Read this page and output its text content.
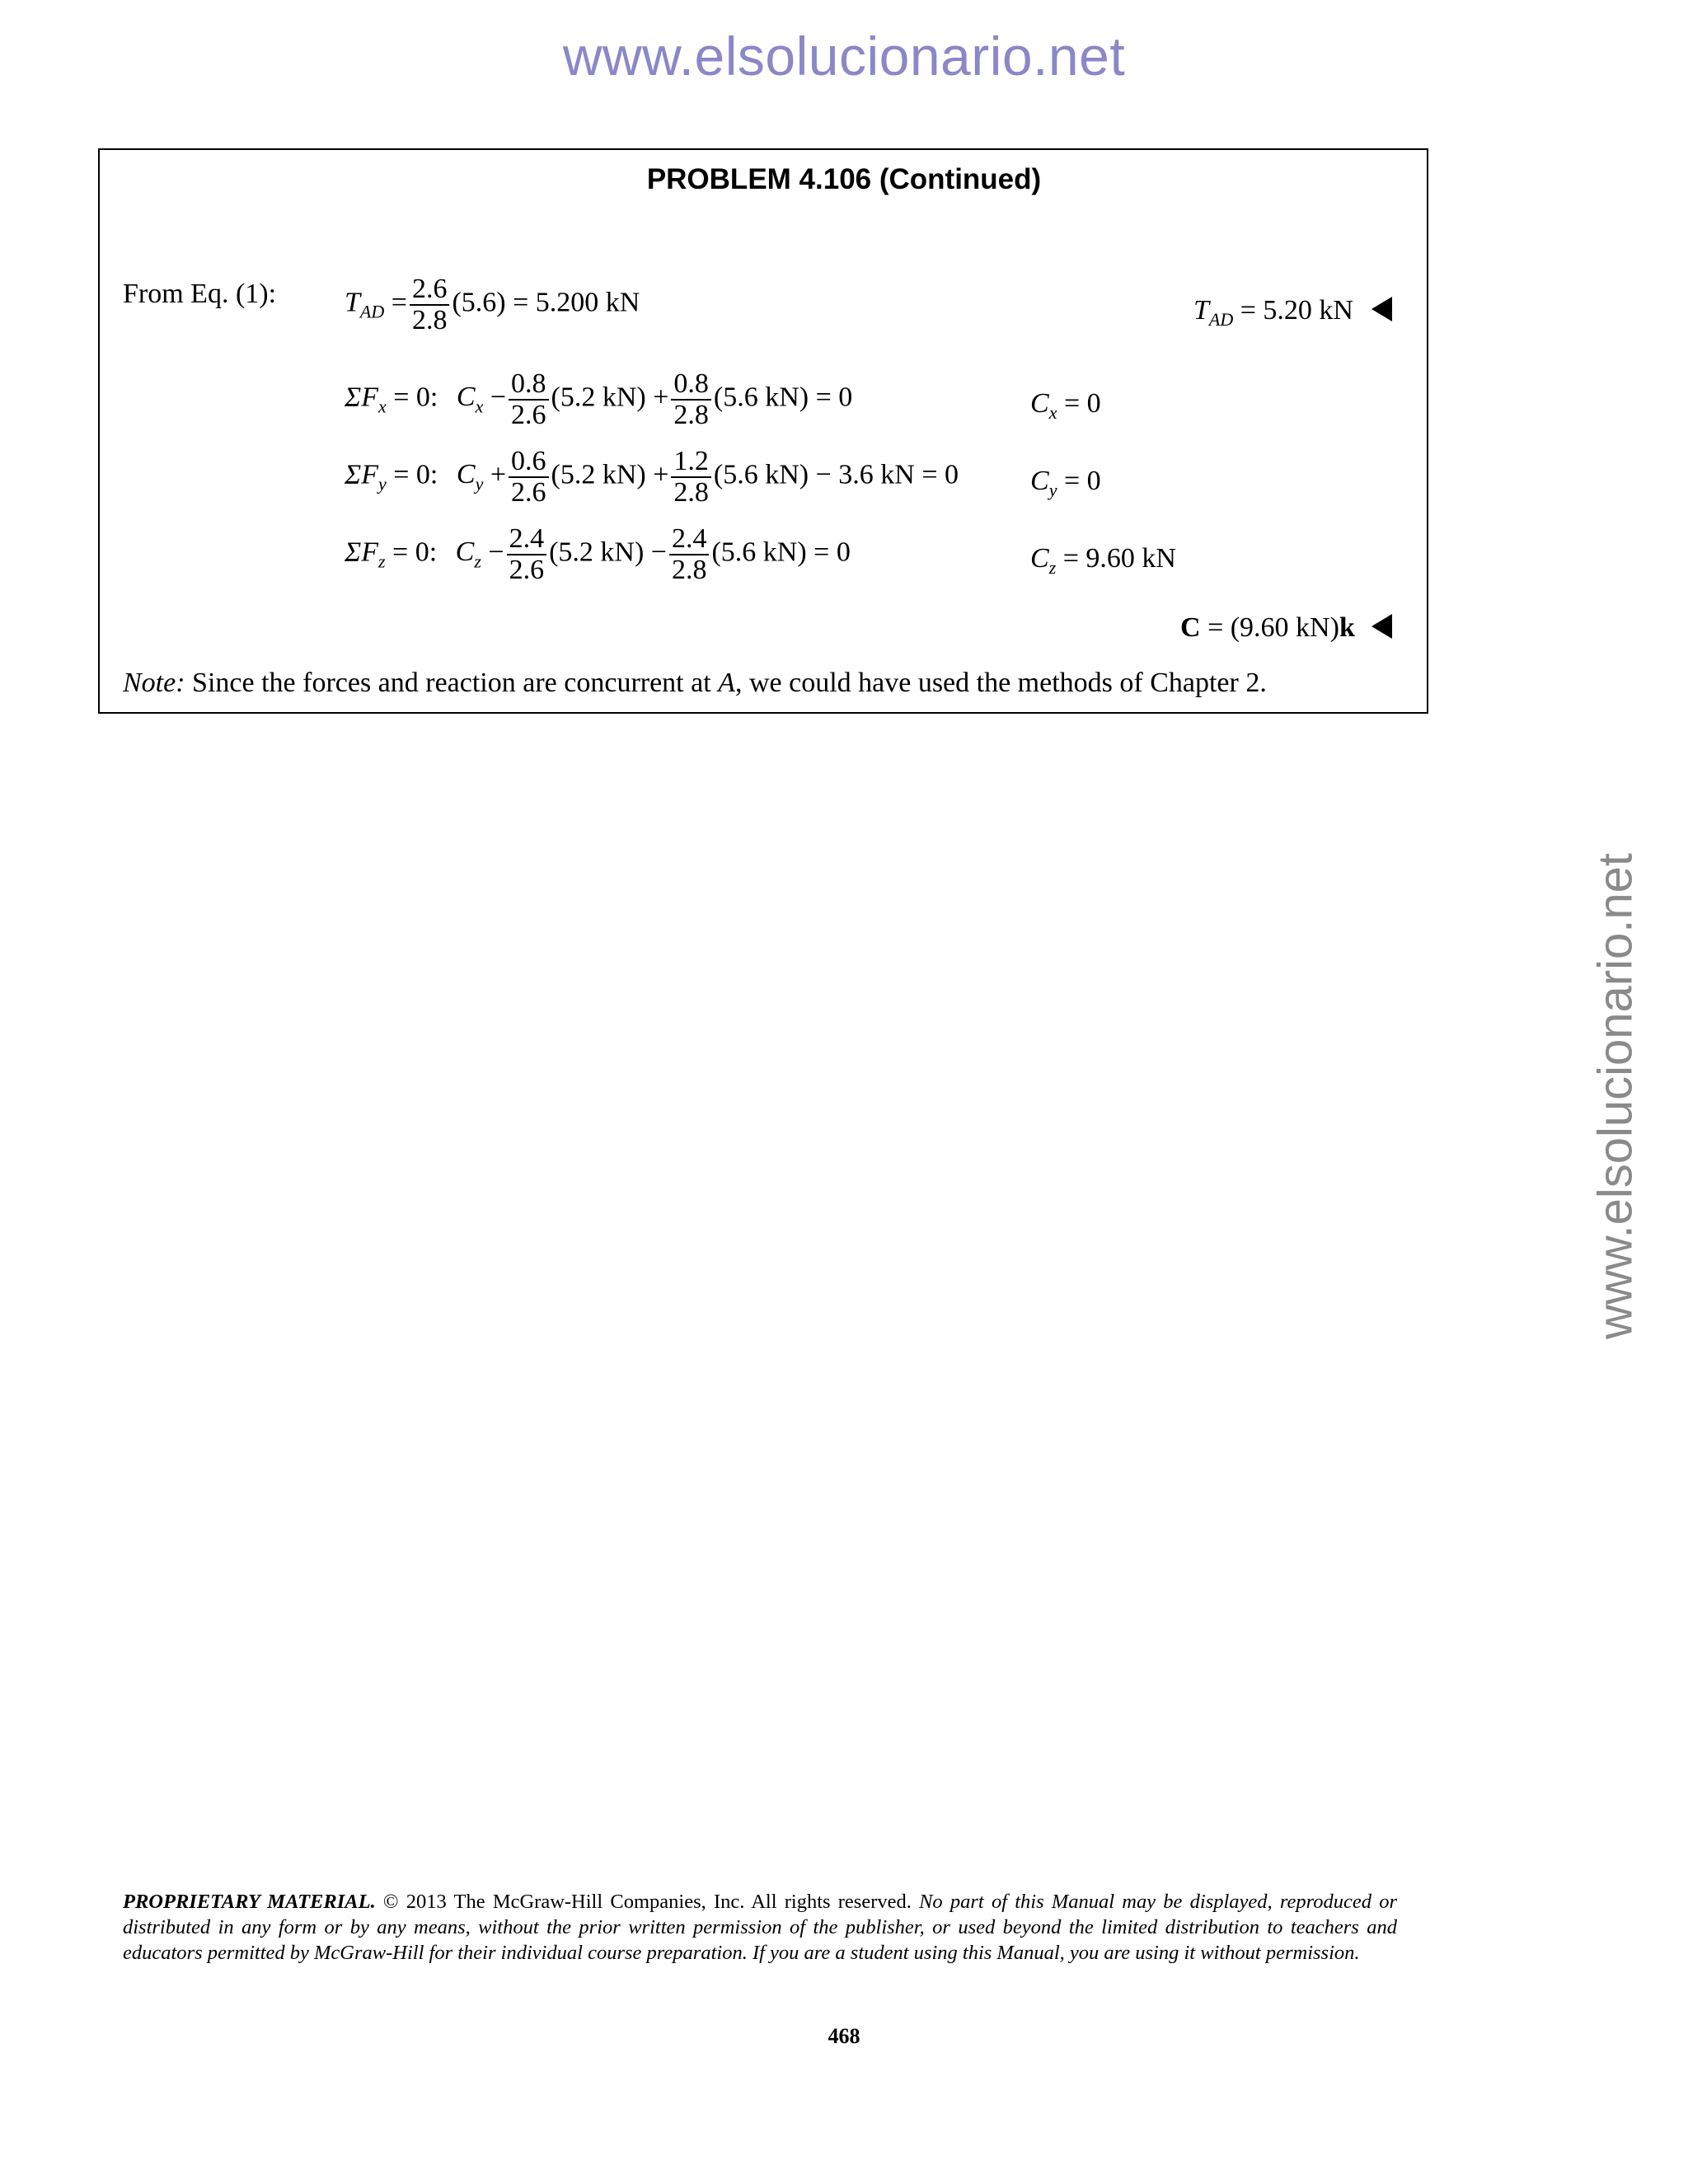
www.elsolucionario.net
www.elsolucionario.net
PROBLEM 4.106 (Continued)
From Eq. (1): $T_{AD} = \frac{2.6}{2.8} (5.6) = 5.200$ kN	$T_{AD} = 5.20$ kN
$\Sigma F_x = 0$: $C_x - \frac{0.8}{2.6} (5.2$ $kN) + \frac{0.8}{2.8} (5.6$ kN) = 0	$C_x = 0$
$\Sigma F_y = 0$: $C_y + \frac{0.6}{2.6} (5.2$ $kN) + \frac{1.2}{2.8} (5.6$ kN) − 3.6 kN = 0	$C_y = 0$
$\Sigma F_z = 0$: $C_z - \frac{2.4}{2.6} (5.2$ $kN) - \frac{2.4}{2.8} (5.6$ kN) = 0	$C_z = 9.60$ kN
C = (9.60 kN)k
Note: Since the forces and reaction are concurrent at A, we could have used the methods of Chapter 2.
PROPRIETARY MATERIAL. © 2013 The McGraw-Hill Companies, Inc. All rights reserved. No part of this Manual may be displayed, reproduced or distributed in any form or by any means, without the prior written permission of the publisher, or used beyond the limited distribution to teachers and educators permitted by McGraw-Hill for their individual course preparation. If you are a student using this Manual, you are using it without permission.
468
